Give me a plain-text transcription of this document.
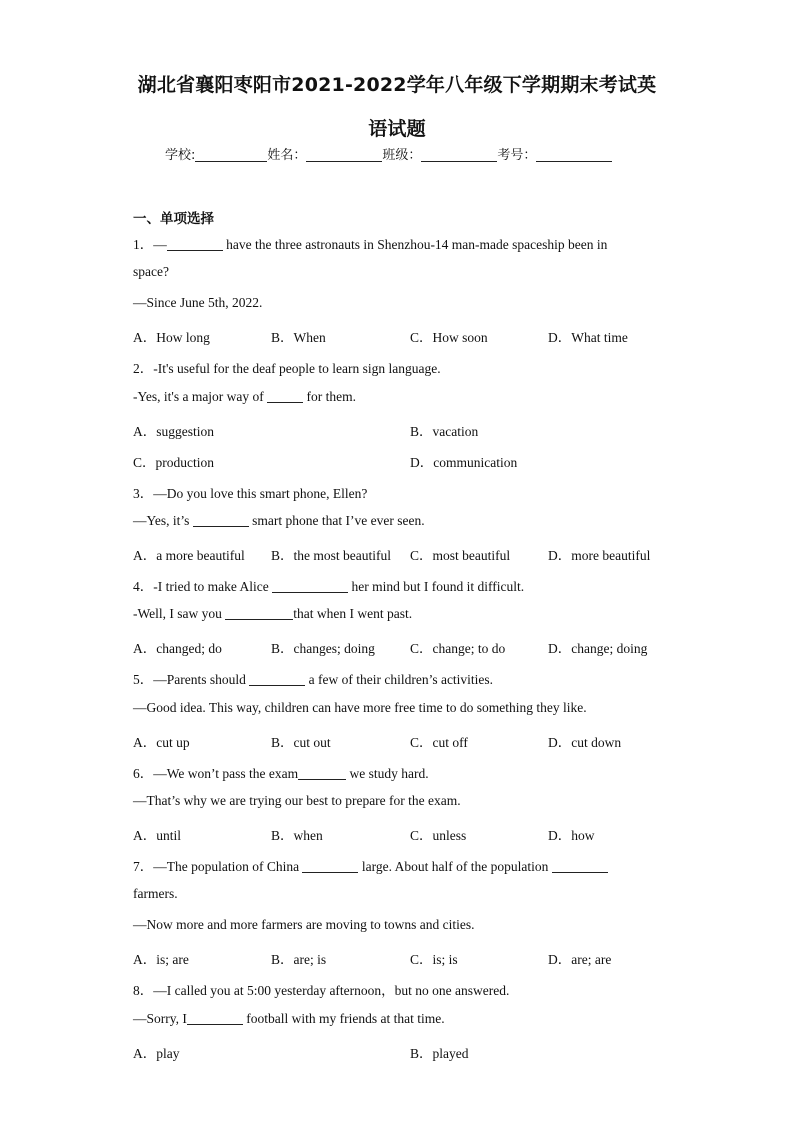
湖北省襄阳枣阳市2021-2022学年八年级下学期期末考试英
语试题
学校:	姓名：	班级：	考号：
一、单项选择
1．—	have the three astronauts in Shenzhou-14 man-made spaceship been in
space?
—Since June 5th, 2022.
A．How long	B．When	C．How soon	D．What time
2．-It's useful for the deaf people to learn sign language.
-Yes, it's a major way of	for them.
A．suggestion	B．vacation
C．production	D．communication
3．—Do you love this smart phone, Ellen?
—Yes, it’s	smart phone that I’ve ever seen.
A．a more beautiful B．the most beautiful C．most beautiful	D．more beautiful
4．-I tried to make Alice	her mind but I found it difficult.
-Well, I saw you	that when I went past.
A．changed; do	B．changes; doing	C．change; to do	D．change; doing
5．—Parents should	a few of their children’s activities.
—Good idea. This way, children can have more free time to do something they like.
A．cut up	B．cut out	C．cut off	D．cut down
6．—We won’t pass the exam	we study hard.
—That’s why we are trying our best to prepare for the exam.
A．until	B．when	C．unless	D．how
7．—The population of China	large. About half of the population
farmers.
—Now more and more farmers are moving to towns and cities.
A．is; are	B．are; is	C．is; is	D．are; are
8．—I called you at 5:00 yesterday afternoon，but no one answered.
—Sorry, I	football with my friends at that time.
A．play	B．played
